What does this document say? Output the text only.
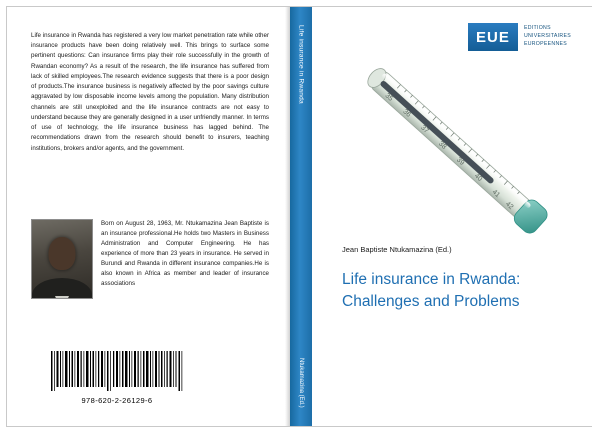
Life insurance in Rwanda has registered a very low market penetration rate while other insurance products have been doing relatively well. This brings to surface some pertinent questions: Can insurance firms play their role successfully in the growth of Rwandan economy? As a result of the research, the life insurance has suffered from lack of skilled employees.The research evidence suggests that there is a poor design of products.The insurance business is negatively affected by the poor savings culture aggravated by low disposable income levels among the population. Many distribution channels are still unexploited and the life insurance contracts are not easy to understand because they are generally designed in a user unfriendly manner. In terms of use of technology, the life insurance business has lagged behind. The recommendations drawn from the research should benefit to insurers, teaching institutions, brokers and/or agents, and the government.
Born on August 28, 1963, Mr. Ntukamazina Jean Baptiste is an insurance professional.He holds two Masters in Business Administration and Computer Engineering. He has experience of more than 23 years in insurance. He served in Burundi and Rwanda in different insurance companies.He is also known in Africa as member and leader of insurance associations
978-620-2-26129-6
Life insurance in Rwanda
Ntukamazina (Ed.)
EUE
EDITIONS
UNIVERSITAIRES
EUROPEENNES
35
36
37
38
39
40
41
42
Jean Baptiste Ntukamazina (Ed.)
Life insurance in Rwanda: Challenges and Problems
